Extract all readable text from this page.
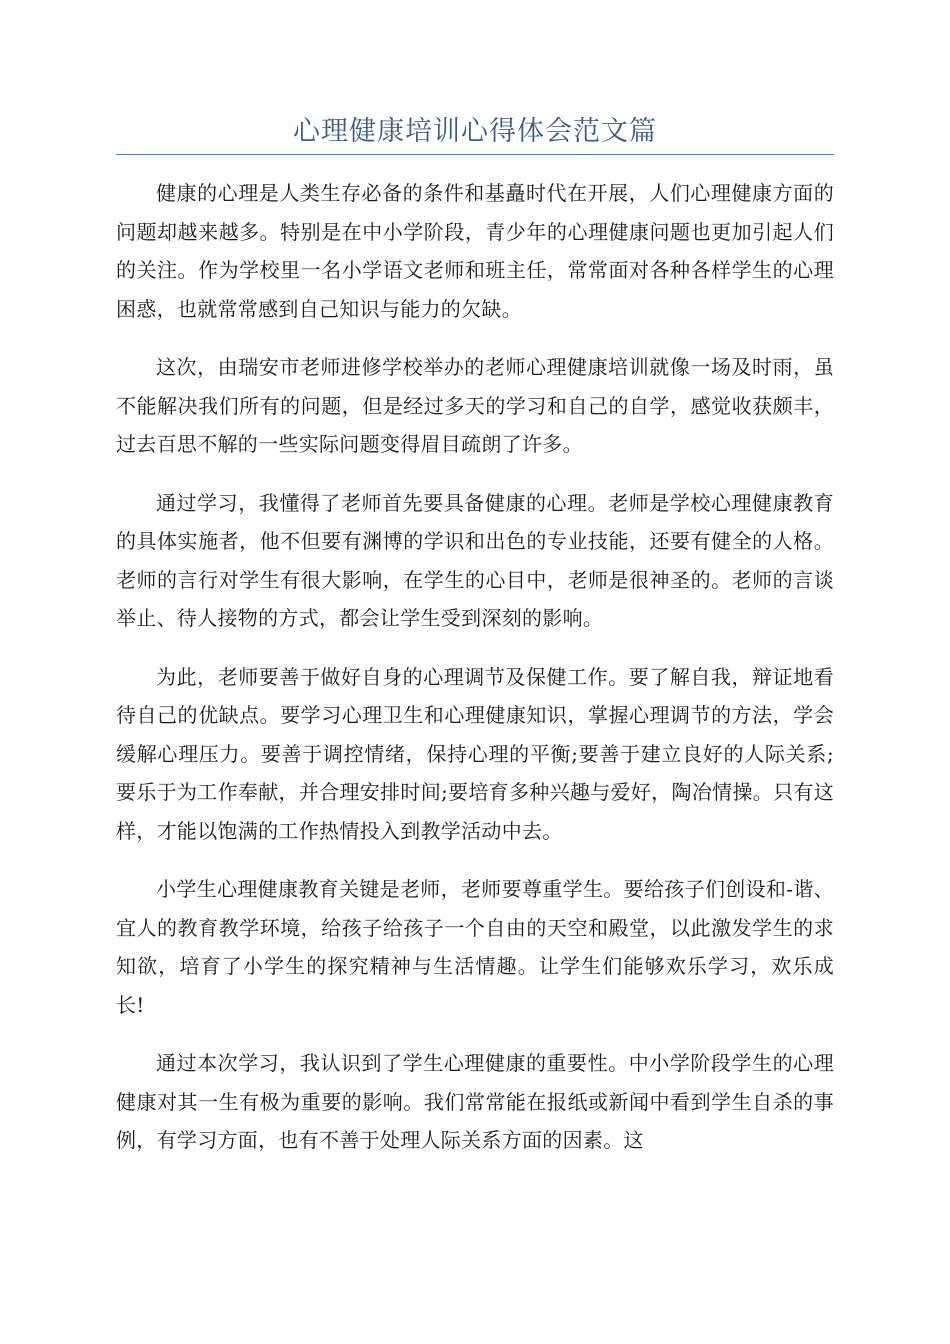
心理健康培训心得体会范文篇

健康的心理是人类生存必备的条件和基矗时代在开展，人们心理健康方面的问题却越来越多。特别是在中小学阶段，青少年的心理健康问题也更加引起人们的关注。作为学校里一名小学语文老师和班主任，常常面对各种各样学生的心理困惑，也就常常感到自己知识与能力的欠缺。

这次，由瑞安市老师进修学校举办的老师心理健康培训就像一场及时雨，虽不能解决我们所有的问题，但是经过多天的学习和自己的自学，感觉收获颇丰，过去百思不解的一些实际问题变得眉目疏朗了许多。

通过学习，我懂得了老师首先要具备健康的心理。老师是学校心理健康教育的具体实施者，他不但要有渊博的学识和出色的专业技能，还要有健全的人格。老师的言行对学生有很大影响，在学生的心目中，老师是很神圣的。老师的言谈举止、待人接物的方式，都会让学生受到深刻的影响。

为此，老师要善于做好自身的心理调节及保健工作。要了解自我，辩证地看待自己的优缺点。要学习心理卫生和心理健康知识，掌握心理调节的方法，学会缓解心理压力。要善于调控情绪，保持心理的平衡;要善于建立良好的人际关系;要乐于为工作奉献，并合理安排时间;要培育多种兴趣与爱好，陶冶情操。只有这样，才能以饱满的工作热情投入到教学活动中去。

小学生心理健康教育关键是老师，老师要尊重学生。要给孩子们创设和-谐、宜人的教育教学环境，给孩子给孩子一个自由的天空和殿堂，以此激发学生的求知欲，培育了小学生的探究精神与生活情趣。让学生们能够欢乐学习，欢乐成长!

通过本次学习，我认识到了学生心理健康的重要性。中小学阶段学生的心理健康对其一生有极为重要的影响。我们常常能在报纸或新闻中看到学生自杀的事例，有学习方面，也有不善于处理人际关系方面的因素。这
